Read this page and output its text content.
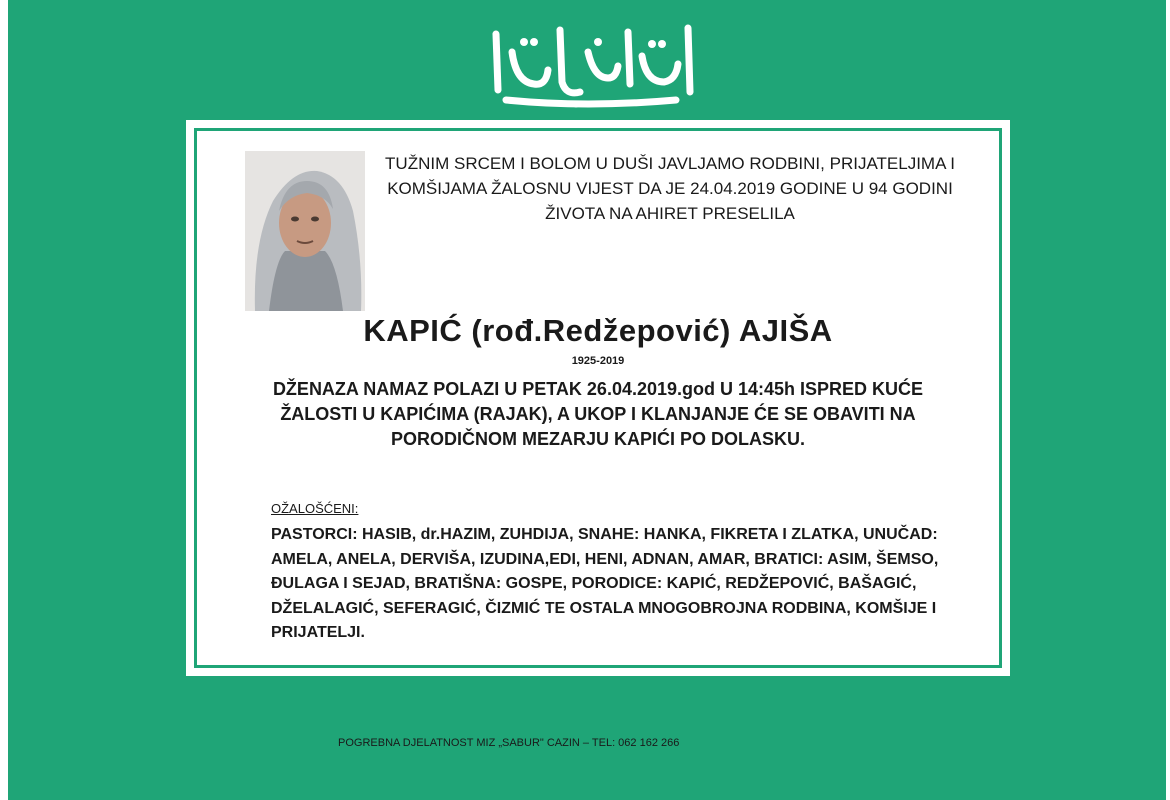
TUŽNIM SRCEM I BOLOM U DUŠI JAVLJAMO RODBINI, PRIJATELJIMA I KOMŠIJAMA ŽALOSNU VIJEST DA JE 24.04.2019 GODINE U 94 GODINI ŽIVOTA NA AHIRET PRESELILA
KAPIĆ (rođ.Redžepović) AJIŠA
1925-2019
DŽENAZA NAMAZ POLAZI U PETAK 26.04.2019.god U 14:45h ISPRED KUĆE ŽALOSTI U KAPIĆIMA (RAJAK), A UKOP I KLANJANJE ĆE SE OBAVITI NA PORODIČNOM MEZARJU KAPIĆI PO DOLASKU.
OŽALOŠĆENI:
PASTORCI: HASIB, dr.HAZIM, ZUHDIJA, SNAHE: HANKA, FIKRETA I ZLATKA, UNUČAD: AMELA, ANELA, DERVIŠA, IZUDINA,EDI, HENI, ADNAN, AMAR, BRATICI: ASIM, ŠEMSO, ĐULAGA I SEJAD, BRATIŠNA: GOSPE, PORODICE: KAPIĆ, REDŽEPOVIĆ, BAŠAGIĆ, DŽELALAGIĆ, SEFERAGIĆ, ČIZMIĆ TE OSTALA MNOGOBROJNA RODBINA, KOMŠIJE I PRIJATELJI.
POGREBNA DJELATNOST MIZ „SABUR" CAZIN – TEL: 062 162 266
